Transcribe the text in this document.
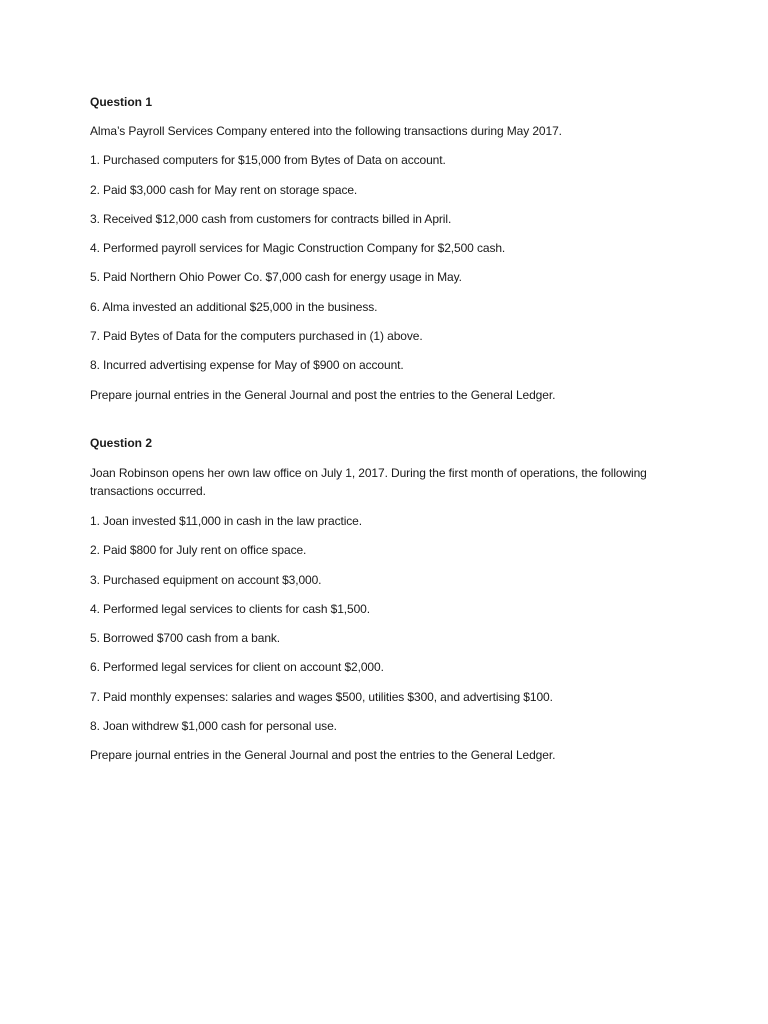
Question 1

Alma’s Payroll Services Company entered into the following transactions during May 2017.

1. Purchased computers for $15,000 from Bytes of Data on account.

2. Paid $3,000 cash for May rent on storage space.

3. Received $12,000 cash from customers for contracts billed in April.

4. Performed payroll services for Magic Construction Company for $2,500 cash.

5. Paid Northern Ohio Power Co. $7,000 cash for energy usage in May.

6. Alma invested an additional $25,000 in the business.

7. Paid Bytes of Data for the computers purchased in (1) above.

8. Incurred advertising expense for May of $900 on account.

Prepare journal entries in the General Journal and post the entries to the General Ledger.

Question 2

Joan Robinson opens her own law office on July 1, 2017. During the first month of operations, the following transactions occurred.

1. Joan invested $11,000 in cash in the law practice.

2. Paid $800 for July rent on office space.

3. Purchased equipment on account $3,000.

4. Performed legal services to clients for cash $1,500.

5. Borrowed $700 cash from a bank.

6. Performed legal services for client on account $2,000.

7. Paid monthly expenses: salaries and wages $500, utilities $300, and advertising $100.

8. Joan withdrew $1,000 cash for personal use.

Prepare journal entries in the General Journal and post the entries to the General Ledger.
